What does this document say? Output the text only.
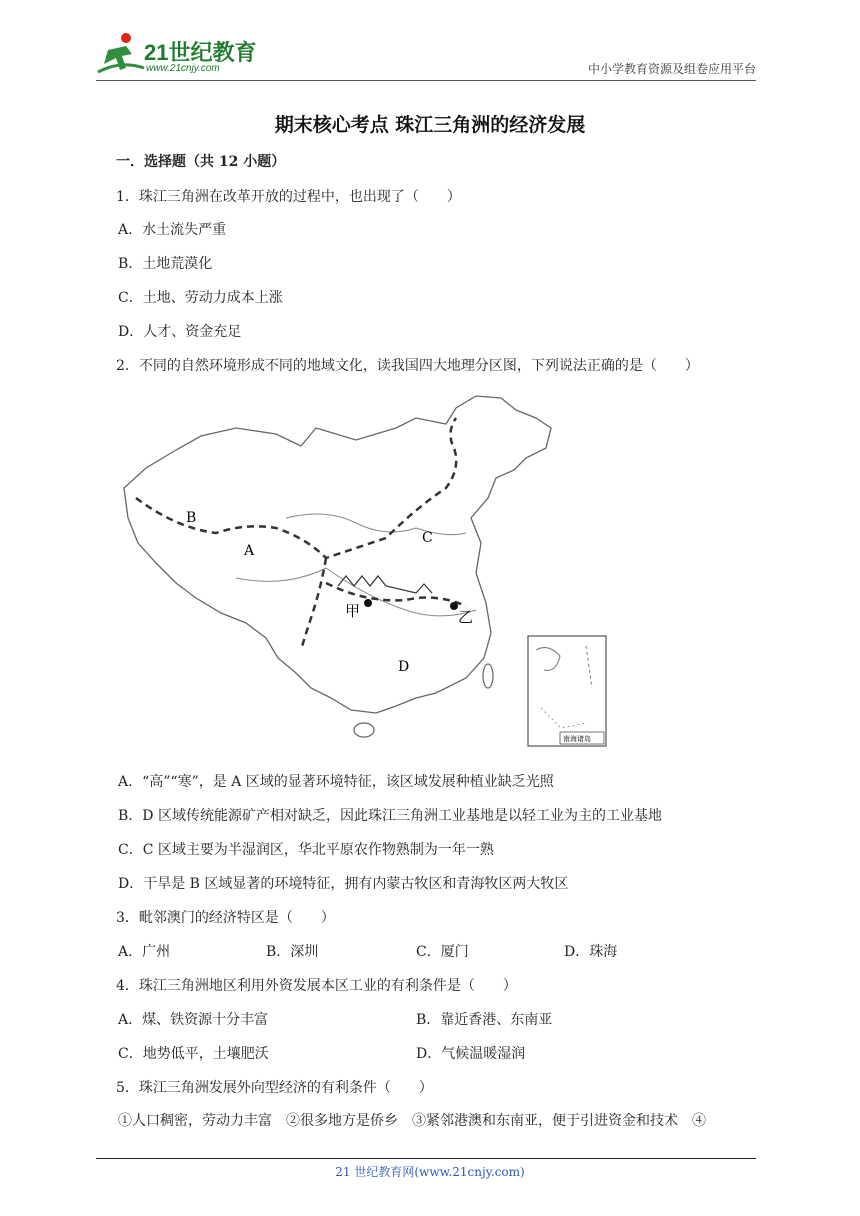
21世纪教育
www.21cnjy.com	中小学教育资源及组卷应用平台
期末核心考点 珠江三角洲的经济发展
一．选择题（共 12 小题）
1．珠江三角洲在改革开放的过程中，也出现了（　　）
A．水土流失严重
B．土地荒漠化
C．土地、劳动力成本上涨
D．人才、资金充足
2．不同的自然环境形成不同的地域文化，读我国四大地理分区图，下列说法正确的是（　　）
B
A
C
D
甲	乙
南海诸岛
A．“高”“寒”，是 A 区域的显著环境特征，该区域发展种植业缺乏光照
B．D 区域传统能源矿产相对缺乏，因此珠江三角洲工业基地是以轻工业为主的工业基地
C．C 区域主要为半湿润区，华北平原农作物熟制为一年一熟
D．干旱是 B 区域显著的环境特征，拥有内蒙古牧区和青海牧区两大牧区
3．毗邻澳门的经济特区是（　　）
A．广州	B．深圳	C．厦门	D．珠海
4．珠江三角洲地区利用外资发展本区工业的有利条件是（　　）
A．煤、铁资源十分丰富	B．靠近香港、东南亚
C．地势低平，土壤肥沃	D．气候温暖湿润
5．珠江三角洲发展外向型经济的有利条件（　　）
①人口稠密，劳动力丰富　②很多地方是侨乡　③紧邻港澳和东南亚，便于引进资金和技术　④
21 世纪教育网(www.21cnjy.com)
